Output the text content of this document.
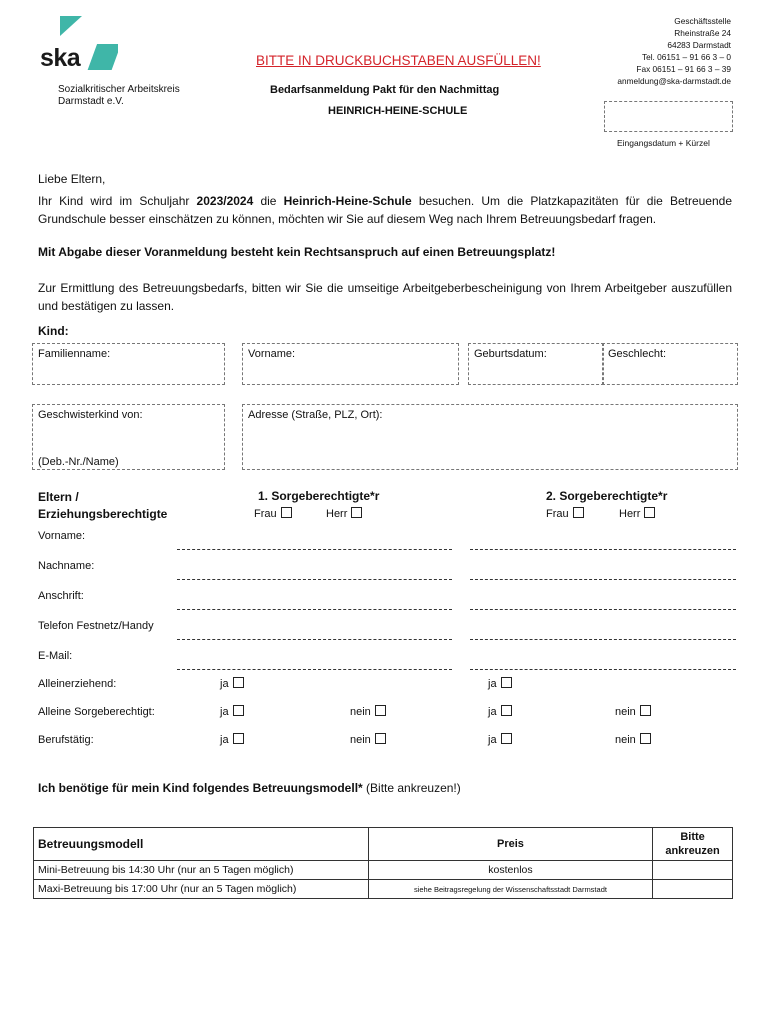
ska
Sozialkritischer Arbeitskreis
Darmstadt e.V.
BITTE IN DRUCKBUCHSTABEN AUSFÜLLEN!
Bedarfsanmeldung Pakt für den Nachmittag
HEINRICH-HEINE-SCHULE
Geschäftsstelle
Rheinstraße 24
64283 Darmstadt
Tel. 06151 – 91 66 3 – 0
Fax 06151 – 91 66 3 – 39
anmeldung@ska-darmstadt.de
Eingangsdatum + Kürzel
Liebe Eltern,
Ihr Kind wird im Schuljahr 2023/2024 die Heinrich-Heine-Schule besuchen. Um die Platzkapazitäten für die Betreuende Grundschule besser einschätzen zu können, möchten wir Sie auf diesem Weg nach Ihrem Betreuungsbedarf fragen.
Mit Abgabe dieser Voranmeldung besteht kein Rechtsanspruch auf einen Betreuungsplatz!
Zur Ermittlung des Betreuungsbedarfs, bitten wir Sie die umseitige Arbeitgeberbescheinigung von Ihrem Arbeitgeber auszufüllen und bestätigen zu lassen.
Kind:
Familienname:	Vorname:	Geburtsdatum:	Geschlecht:
Geschwisterkind von:
(Deb.-Nr./Name)
Adresse (Straße, PLZ, Ort):
Eltern /
Erziehungsberechtigte
1. Sorgeberechtigte*r	2. Sorgeberechtigte*r
Frau	Herr	Frau	Herr
Vorname:
Nachname:
Anschrift:
Telefon Festnetz/Handy
E-Mail:
Alleinerziehend:	ja	ja
Alleine Sorgeberechtigt:	ja	nein	ja	nein
Berufstätig:	ja	nein	ja	nein
Ich benötige für mein Kind folgendes Betreuungsmodell* (Bitte ankreuzen!)
Betreuungsmodell	Preis	Bitte
ankreuzen

Mini-Betreuung bis 14:30 Uhr (nur an 5 Tagen möglich)	kostenlos	
Maxi-Betreuung bis 17:00 Uhr (nur an 5 Tagen möglich)	siehe Beitragsregelung der Wissenschaftsstadt Darmstadt	
